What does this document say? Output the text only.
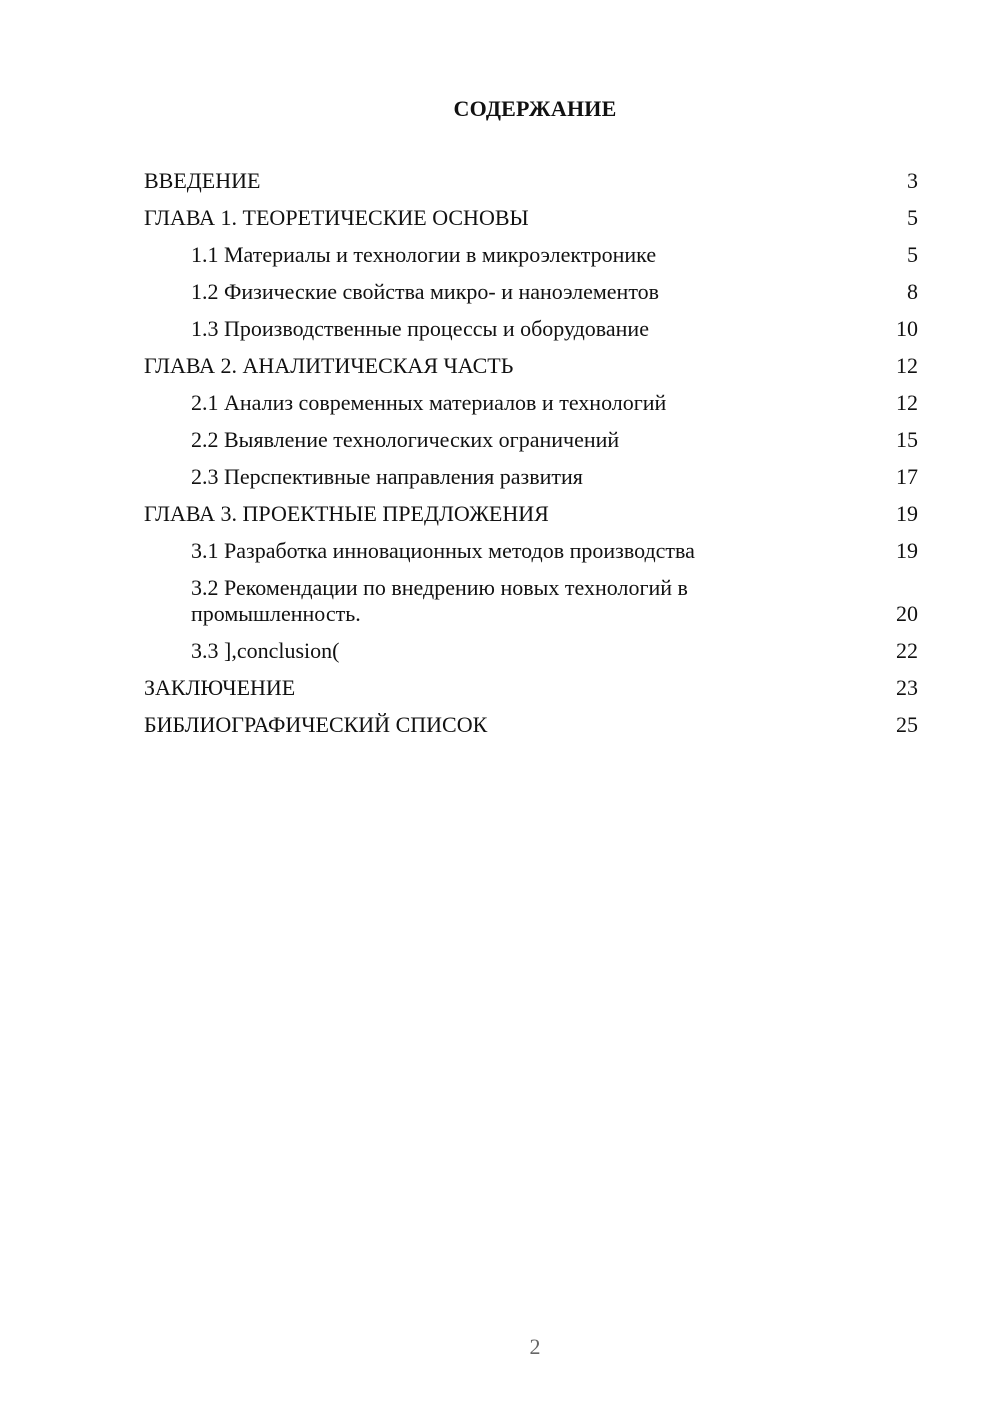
СОДЕРЖАНИЕ
ВВЕДЕНИЕ	3
ГЛАВА 1. ТЕОРЕТИЧЕСКИЕ ОСНОВЫ	5
1.1 Материалы и технологии в микроэлектронике	5
1.2 Физические свойства микро- и наноэлементов	8
1.3 Производственные процессы и оборудование	10
ГЛАВА 2. АНАЛИТИЧЕСКАЯ ЧАСТЬ	12
2.1 Анализ современных материалов и технологий	12
2.2 Выявление технологических ограничений	15
2.3 Перспективные направления развития	17
ГЛАВА 3. ПРОЕКТНЫЕ ПРЕДЛОЖЕНИЯ	19
3.1 Разработка инновационных методов производства	19
3.2 Рекомендации по внедрению новых технологий в промышленность.	20
3.3 ],conclusion(	22
ЗАКЛЮЧЕНИЕ	23
БИБЛИОГРАФИЧЕСКИЙ СПИСОК	25
2
